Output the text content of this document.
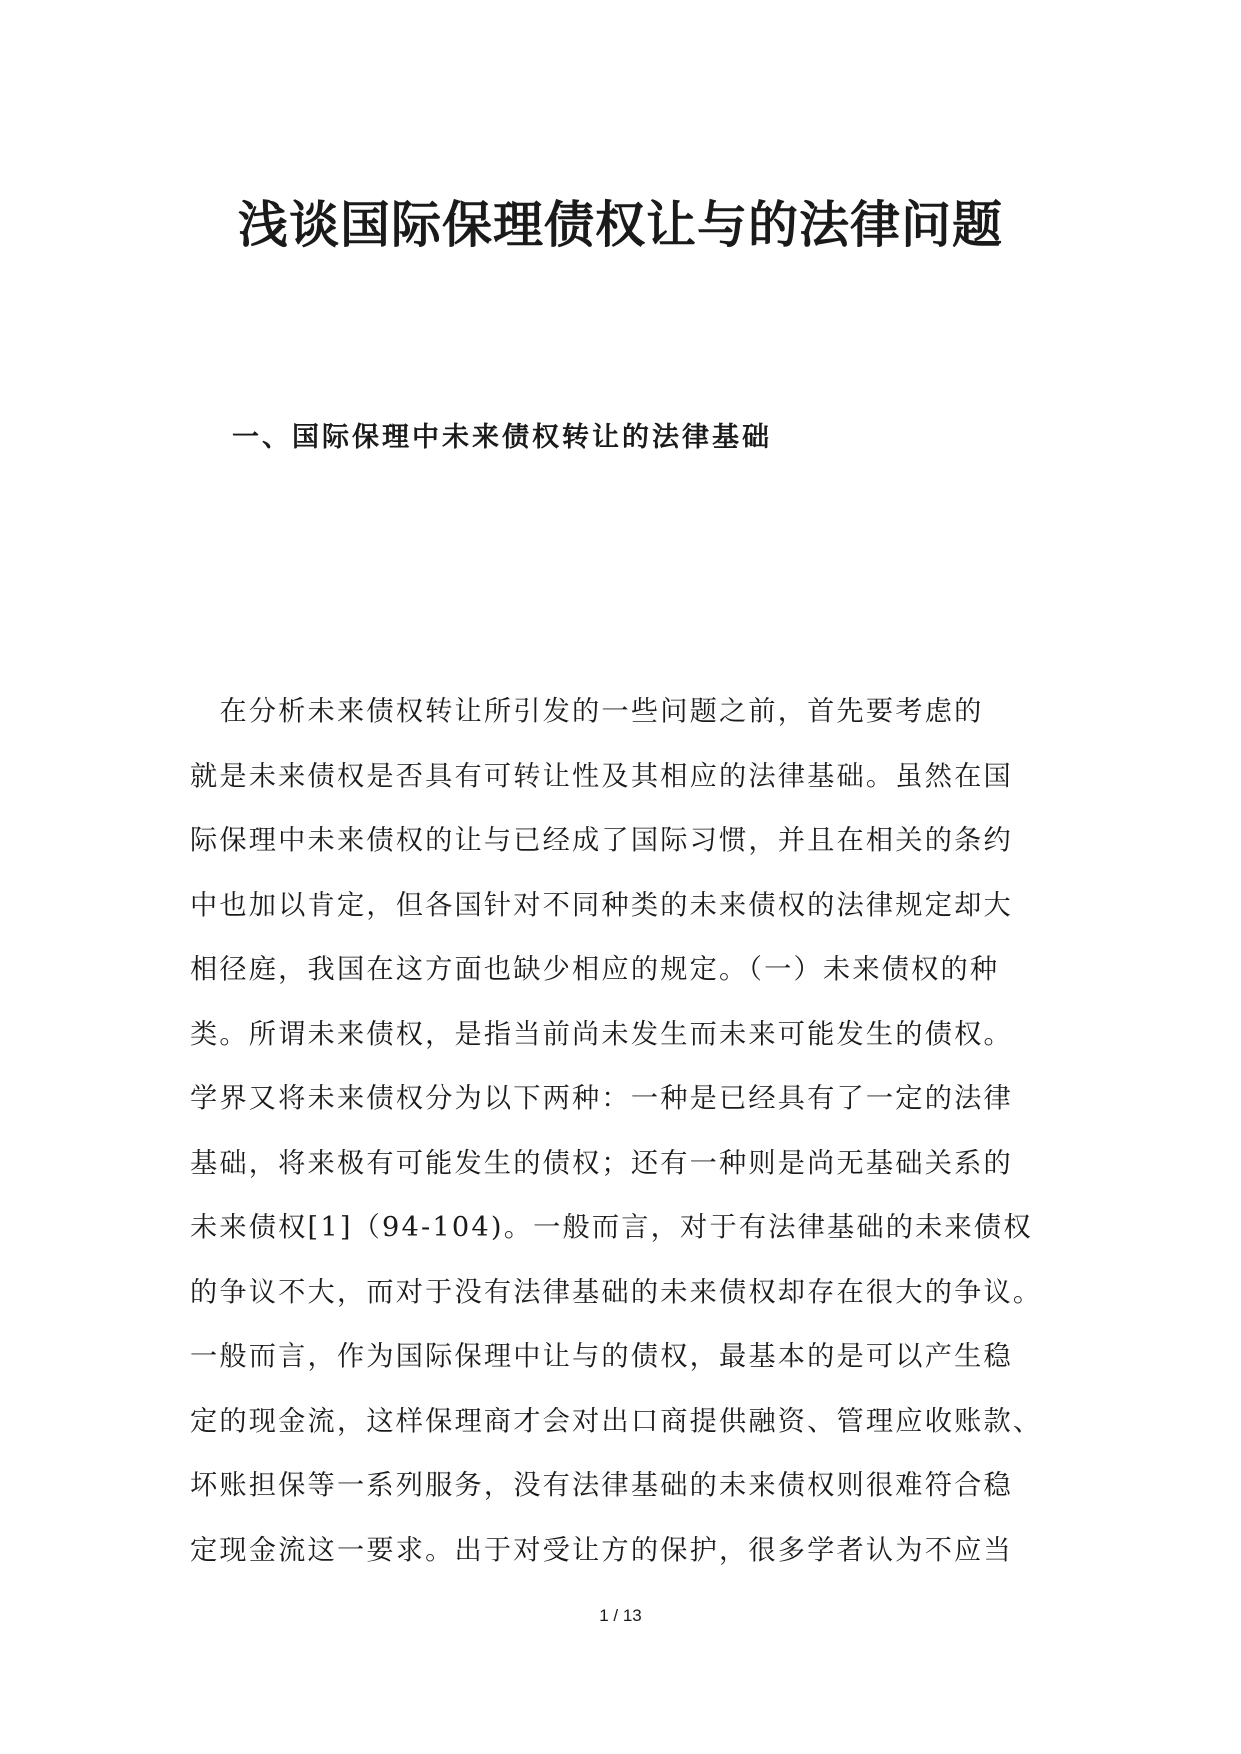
浅谈国际保理债权让与的法律问题
一、国际保理中未来债权转让的法律基础
　在分析未来债权转让所引发的一些问题之前，首先要考虑的
就是未来债权是否具有可转让性及其相应的法律基础。虽然在国
际保理中未来债权的让与已经成了国际习惯，并且在相关的条约
中也加以肯定，但各国针对不同种类的未来债权的法律规定却大
相径庭，我国在这方面也缺少相应的规定。（一）未来债权的种
类。所谓未来债权，是指当前尚未发生而未来可能发生的债权。
学界又将未来债权分为以下两种：一种是已经具有了一定的法律
基础，将来极有可能发生的债权；还有一种则是尚无基础关系的
未来债权[1]（94-104)。一般而言，对于有法律基础的未来债权
的争议不大，而对于没有法律基础的未来债权却存在很大的争议。
一般而言，作为国际保理中让与的债权，最基本的是可以产生稳
定的现金流，这样保理商才会对出口商提供融资、管理应收账款、
坏账担保等一系列服务，没有法律基础的未来债权则很难符合稳
定现金流这一要求。出于对受让方的保护，很多学者认为不应当
1 / 13
